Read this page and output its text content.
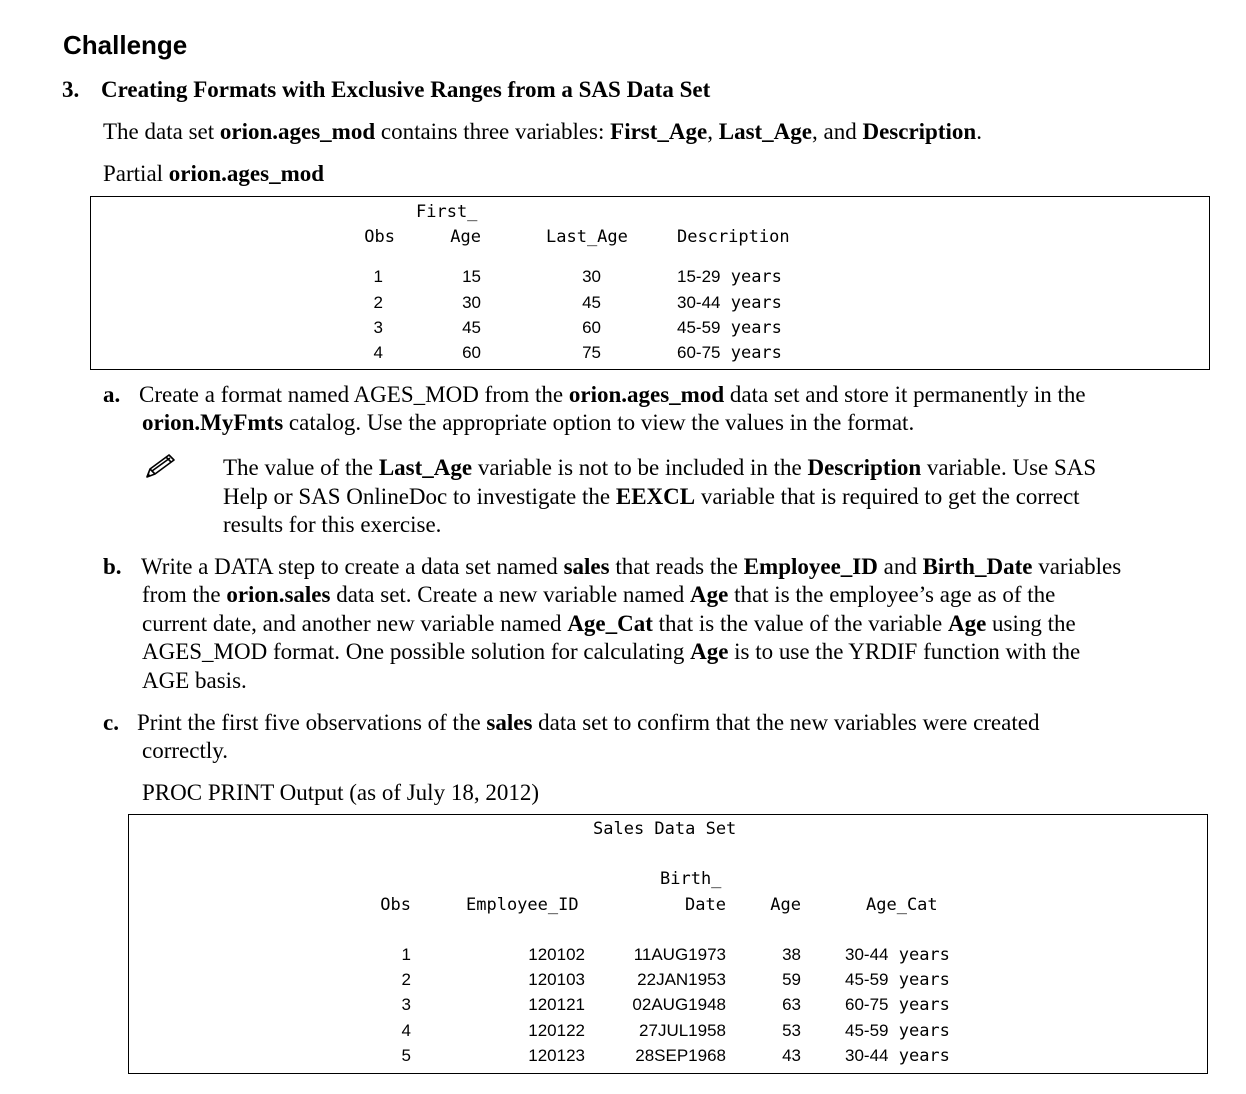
Challenge
3. Creating Formats with Exclusive Ranges from a SAS Data Set
The data set orion.ages_mod contains three variables: First_Age, Last_Age, and Description.
Partial orion.ages_mod
First_
Obs	Age	Last_Age	Description
1	15	30	15-29 years
2	30	45	30-44 years
3	45	60	45-59 years
4	60	75	60-75 years
a. Create a format named AGES_MOD from the orion.ages_mod data set and store it permanently in the
orion.MyFmts catalog. Use the appropriate option to view the values in the format.
The value of the Last_Age variable is not to be included in the Description variable. Use SAS
Help or SAS OnlineDoc to investigate the EEXCL variable that is required to get the correct
results for this exercise.
b. Write a DATA step to create a data set named sales that reads the Employee_ID and Birth_Date variables
from the orion.sales data set. Create a new variable named Age that is the employee’s age as of the
current date, and another new variable named Age_Cat that is the value of the variable Age using the
AGES_MOD format. One possible solution for calculating Age is to use the YRDIF function with the
AGE basis.
c. Print the first five observations of the sales data set to confirm that the new variables were created
correctly.
PROC PRINT Output (as of July 18, 2012)
Sales Data Set
Birth_
Obs	Employee_ID	Date	Age	Age_Cat
1	120102	11AUG1973	38	30-44 years
2	120103	22JAN1953	59	45-59 years
3	120121	02AUG1948	63	60-75 years
4	120122	27JUL1958	53	45-59 years
5	120123	28SEP1968	43	30-44 years
